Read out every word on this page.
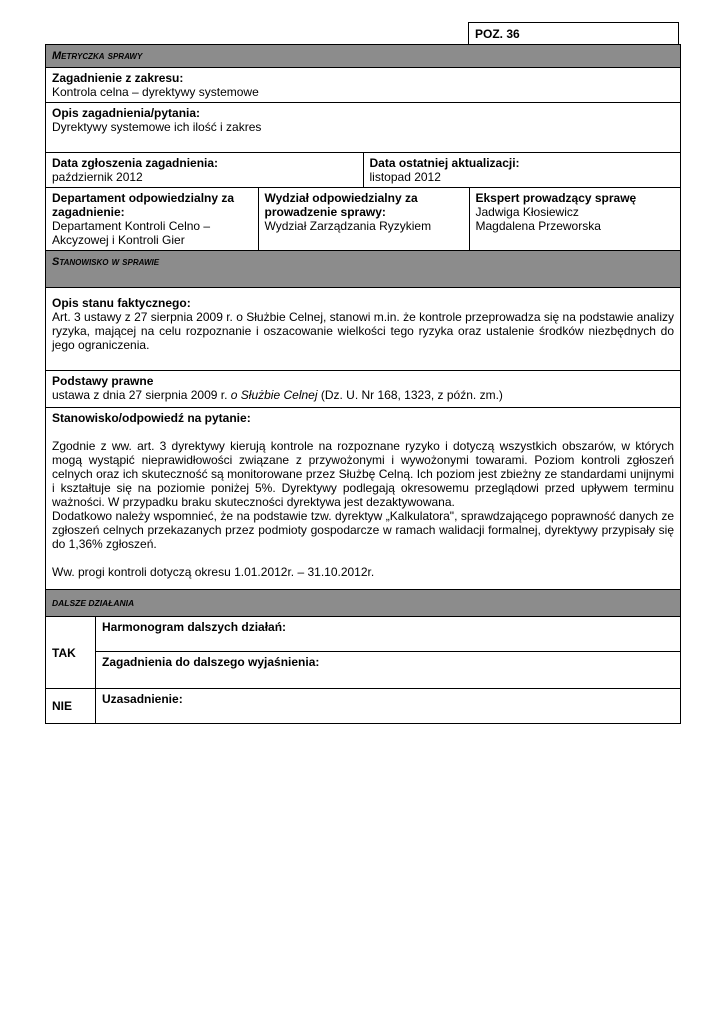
POZ. 36
Metryczka sprawy

Zagadnienie z zakresu:
Kontrola celna – dyrektywy systemowe

Opis zagadnienia/pytania:
Dyrektywy systemowe ich ilość i zakres

Data zgłoszenia zagadnienia:
październik 2012	
Data ostatniej aktualizacji:
listopad 2012

Departament odpowiedzialny za zagadnienie:
Departament Kontroli Celno – Akcyzowej i Kontroli Gier	
Wydział odpowiedzialny za prowadzenie sprawy:
Wydział Zarządzania Ryzykiem	
Ekspert prowadzący sprawę
Jadwiga Kłosiewicz
Magdalena Przeworska

Stanowisko w sprawie

Opis stanu faktycznego:

Art. 3 ustawy z 27 sierpnia 2009 r. o Służbie Celnej, stanowi m.in. że kontrole przeprowadza się na podstawie analizy ryzyka, mającej na celu rozpoznanie i oszacowanie wielkości tego ryzyka oraz ustalenie środków niezbędnych do jego ograniczenia.

Podstawy prawne
ustawa z dnia 27 sierpnia 2009 r. o Służbie Celnej (Dz. U. Nr 168, 1323, z późn. zm.)

Stanowisko/odpowiedź na pytanie:

Zgodnie z ww. art. 3 dyrektywy kierują kontrole na rozpoznane ryzyko i dotyczą wszystkich obszarów, w których mogą wystąpić nieprawidłowości związane z przywożonymi i wywożonymi towarami. Poziom kontroli zgłoszeń celnych oraz ich skuteczność są monitorowane przez Służbę Celną. Ich poziom jest zbieżny ze standardami unijnymi i kształtuje się na poziomie poniżej 5%. Dyrektywy podlegają okresowemu przeglądowi przed upływem terminu ważności. W przypadku braku skuteczności dyrektywa jest dezaktywowana.

Dodatkowo należy wspomnieć, że na podstawie tzw. dyrektyw „Kalkulatora", sprawdzającego poprawność danych ze zgłoszeń celnych przekazanych przez podmioty gospodarcze w ramach walidacji formalnej, dyrektywy przypisały się do 1,36% zgłoszeń.

Ww. progi kontroli dotyczą okresu 1.01.2012r. – 31.10.2012r.

DALSZE DZIAŁANIA
TAK	
Harmonogram dalszych działań:

Zagadnienia do dalszego wyjaśnienia:

NIE	Uzasadnienie:
